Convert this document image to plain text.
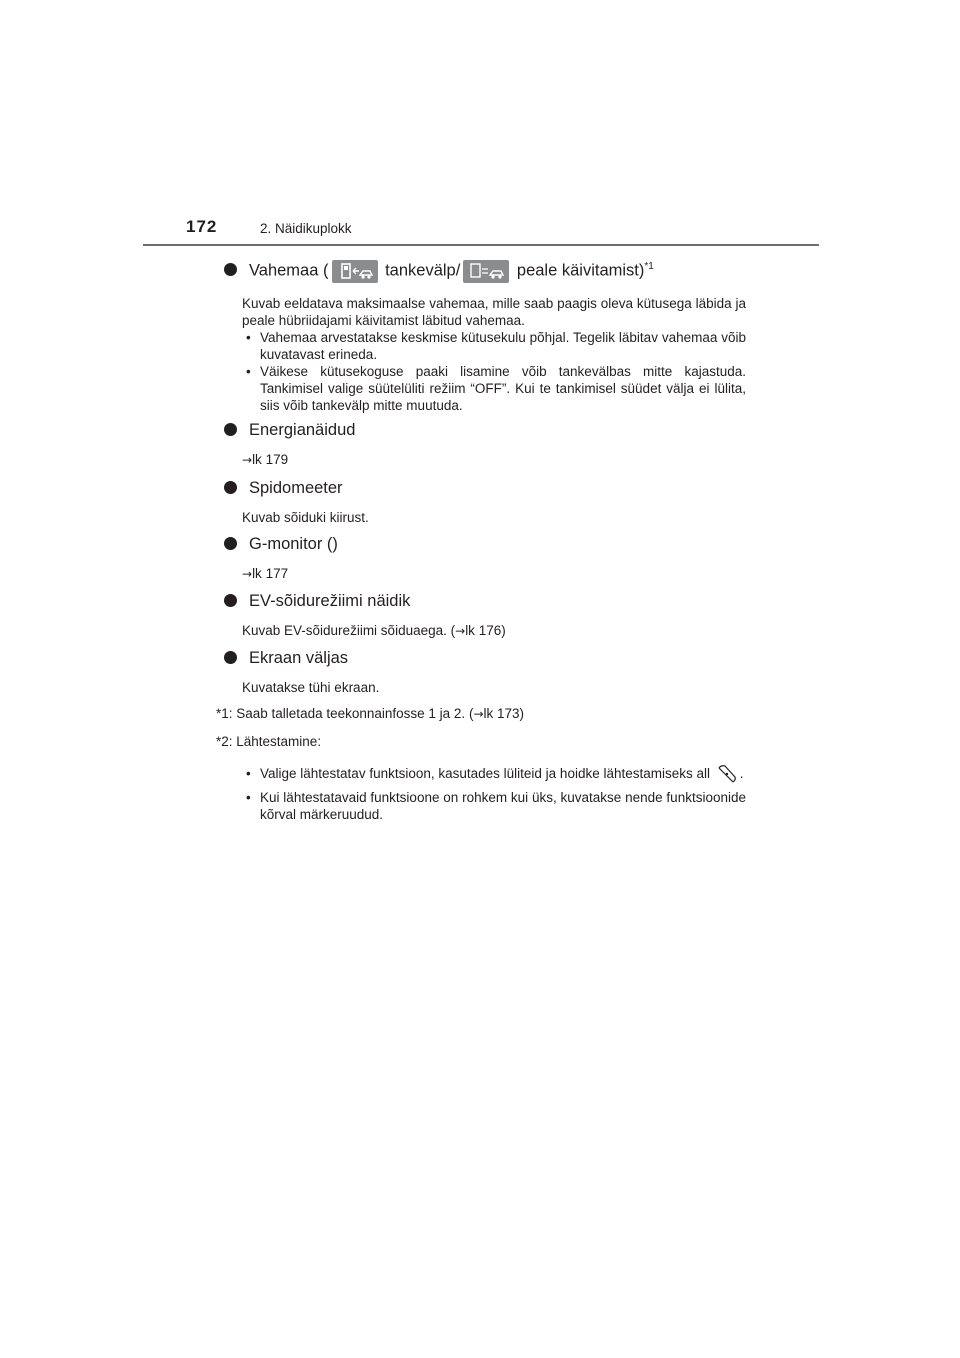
172	2. Näidikuplokk
Vahemaa (	tankevälp/	peale käivitamist)$^{*1}$

Kuvab eeldatava maksimaalse vahemaa, mille saab paagis oleva kütusega läbida ja peale hübriidajami käivitamist läbitud vahemaa.

• Vahemaa arvestatakse keskmise kütusekulu põhjal. Tegelik läbitav vahemaa võib kuvatavast erineda.
• Väikese kütusekoguse paaki lisamine võib tankevälbas mitte kajastuda. Tankimisel valige süütelüliti režiim “OFF”. Kui te tankimisel süüdet välja ei lülita, siis võib tankevälp mitte muutuda.
Energianäidud
→lk 179
Spidomeeter
Kuvab sõiduki kiirust.
G-monitor ()
→lk 177
EV-sõidurežiimi näidik
Kuvab EV-sõidurežiimi sõiduaega. (→lk 176)
Ekraan väljas
Kuvatakse tühi ekraan.
*1: Saab talletada teekonnainfosse 1 ja 2. (→lk 173)
*2: Lähtestamine:
• Valige lähtestatav funktsioon, kasutades lüliteid ja hoidke lähtestamiseks all .
• Kui lähtestatavaid funktsioone on rohkem kui üks, kuvatakse nende funktsioonide kõrval märkeruudud.
